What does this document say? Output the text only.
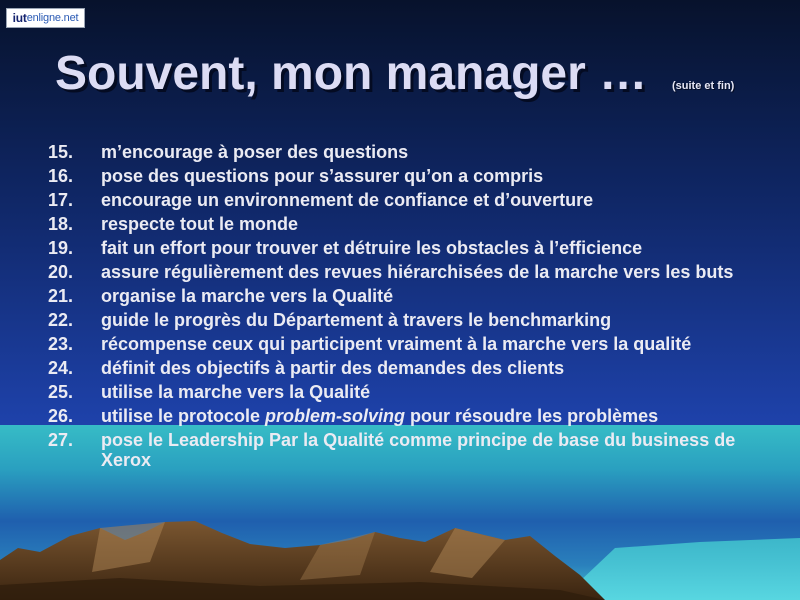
iut enligne.net
Souvent, mon manager … (suite et fin)
15.	m’encourage à poser des questions
16.	pose des questions pour s’assurer qu’on a compris
17.	encourage un environnement de confiance et d’ouverture
18.	respecte tout le monde
19.	fait un effort pour trouver et détruire les obstacles à l’efficience
20.	assure régulièrement des revues hiérarchisées de la marche vers les buts
21.	organise la marche vers la Qualité
22.	guide le progrès du Département à travers le benchmarking
23.	récompense ceux qui participent vraiment à la marche vers la qualité
24.	définit des objectifs à partir des demandes des clients
25.	utilise la marche vers la Qualité
26.	utilise le protocole problem-solving pour résoudre les problèmes
27.	pose le Leadership Par la Qualité comme principe de base du business de Xerox
